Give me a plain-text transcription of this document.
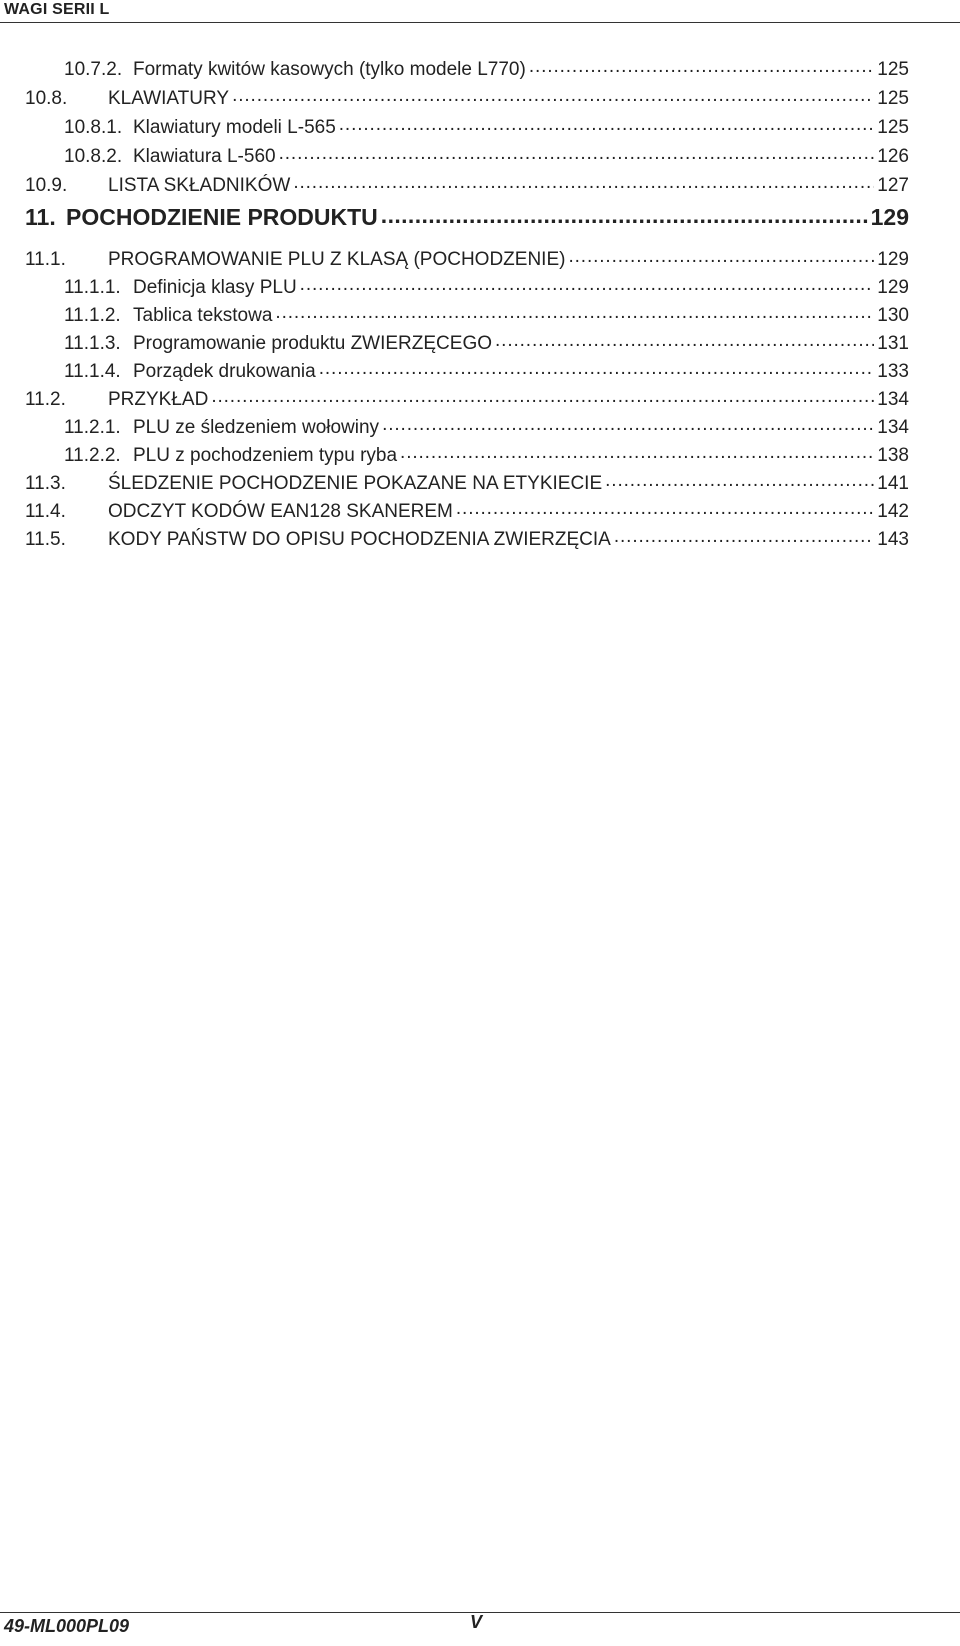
WAGI SERII L
10.7.2. Formaty kwitów kasowych (tylko modele L770) . . .	125
10.8.	KLAWIATURY . . .	125
10.8.1. Klawiatury modeli L-565 . . .	125
10.8.2. Klawiatura L-560 . . .	126
10.9.	LISTA SKŁADNIKÓW . . .	127
11. POCHODZIENIE PRODUKTU . . .	129
11.1.	PROGRAMOWANIE PLU Z KLASĄ (POCHODZENIE) . . .	129
11.1.1. Definicja klasy PLU . . .	129
11.1.2. Tablica tekstowa . . .	130
11.1.3. Programowanie produktu ZWIERZĘCEGO . . .	131
11.1.4. Porządek drukowania . . .	133
11.2.	PRZYKŁAD . . .	134
11.2.1. PLU ze śledzeniem wołowiny . . .	134
11.2.2. PLU z pochodzeniem typu ryba . . .	138
11.3.	ŚLEDZENIE POCHODZENIE POKAZANE NA ETYKIECIE . . .	141
11.4.	ODCZYT KODÓW EAN128 SKANEREM . . .	142
11.5.	KODY PAŃSTW DO OPISU POCHODZENIA ZWIERZĘCIA . . .	143
49-ML000PL09	V
